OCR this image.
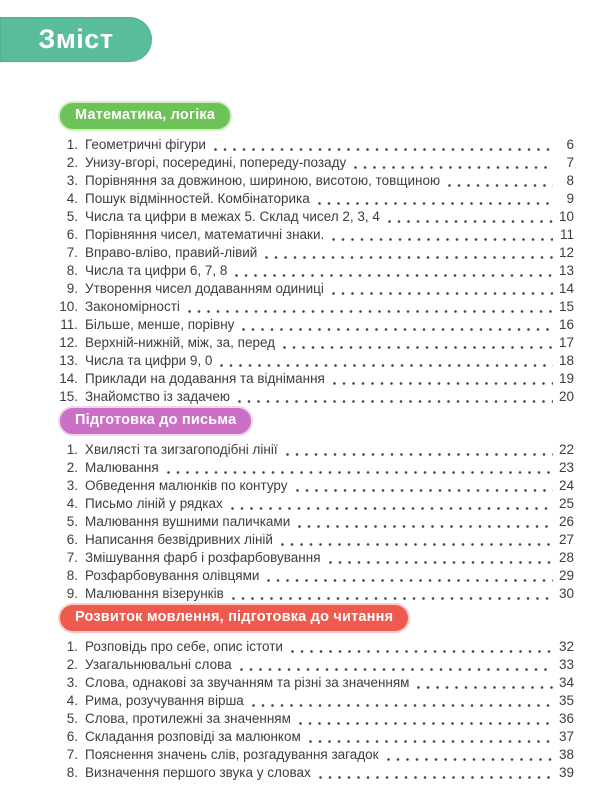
Зміст
Математика, логіка
1. Геометричні фігури	6
2. Унизу-вгорі, посередині, попереду-позаду	7
3. Порівняння за довжиною, шириною, висотою, товщиною	8
4. Пошук відмінностей. Комбінаторика	9
5. Числа та цифри в межах 5. Склад чисел 2, 3, 4	10
6. Порівняння чисел, математичні знаки.	11
7. Вправо-вліво, правий-лівий	12
8. Числа та цифри 6, 7, 8	13
9. Утворення чисел додаванням одиниці	14
10. Закономірності	15
11. Більше, менше, порівну	16
12. Верхній-нижній, між, за, перед	17
13. Числа та цифри 9, 0	18
14. Приклади на додавання та віднімання	19
15. Знайомство із задачею	20
Підготовка до письма
1. Хвилясті та зигзагоподібні лінії	22
2. Малювання	23
3. Обведення малюнків по контуру	24
4. Письмо ліній у рядках	25
5. Малювання вушними паличками	26
6. Написання безвідривних ліній	27
7. Змішування фарб і розфарбовування	28
8. Розфарбовування олівцями	29
9. Малювання візерунків	30
Розвиток мовлення, підготовка до читання
1. Розповідь про себе, опис істоти	32
2. Узагальнювальні слова	33
3. Слова, однакові за звучанням та різні за значенням	34
4. Рима, розучування вірша	35
5. Слова, протилежні за значенням	36
6. Складання розповіді за малюнком	37
7. Пояснення значень слів, розгадування загадок	38
8. Визначення першого звука у словах	39
